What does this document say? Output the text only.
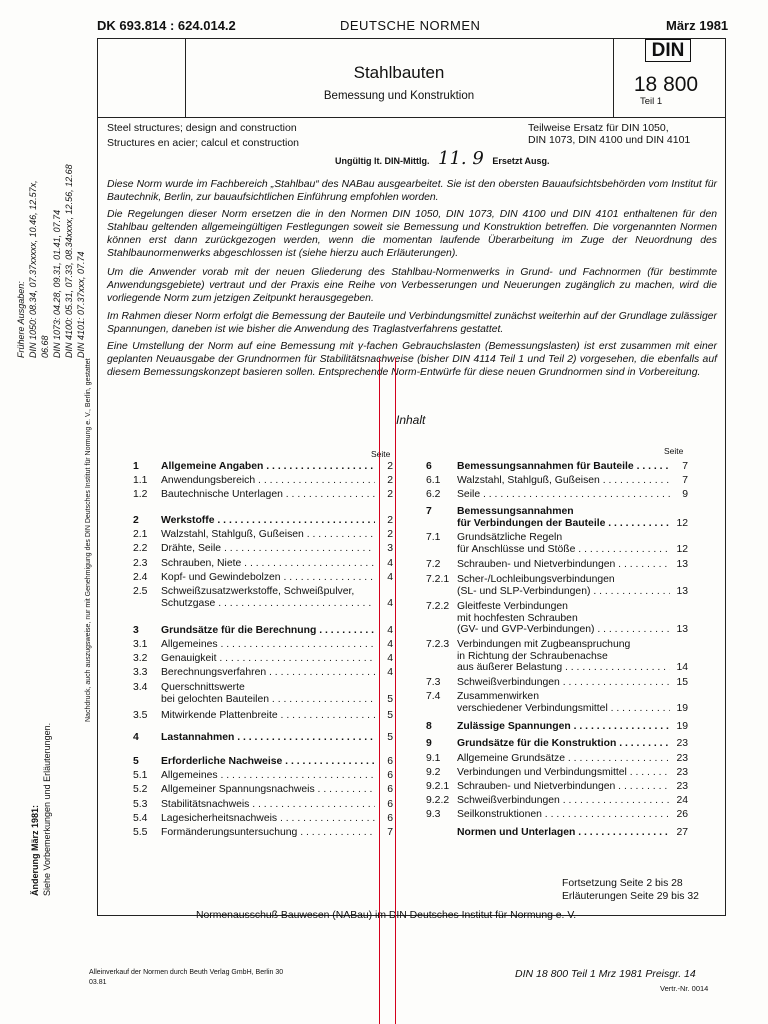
DK 693.814 : 624.014.2	DEUTSCHE NORMEN	März 1981
Stahlbauten
Bemessung und Konstruktion
DIN
18 800
Teil 1
Steel structures; design and construction
Structures en acier; calcul et construction
Teilweise Ersatz für DIN 1050,
DIN 1073, DIN 4100 und DIN 4101
Ungültig lt. DIN-Mittlg. 11. 9 Ersetzt Ausg.

Diese Norm wurde im Fachbereich „Stahlbau“ des NABau ausgearbeitet. Sie ist den obersten Bauaufsichtsbehörden vom Institut für Bautechnik, Berlin, zur bauaufsichtlichen Einführung empfohlen worden.

Die Regelungen dieser Norm ersetzen die in den Normen DIN 1050, DIN 1073, DIN 4100 und DIN 4101 enthaltenen für den Stahlbau geltenden allgemeingültigen Festlegungen soweit sie Bemessung und Konstruktion betreffen. Die vorgenannten Normen können erst dann zurückgezogen werden, wenn die momentan laufende Überarbeitung im Zuge der Neuordnung des Stahlbaunormenwerks abgeschlossen ist (siehe hierzu auch Erläuterungen).

Um die Anwender vorab mit der neuen Gliederung des Stahlbau-Normenwerks in Grund- und Fachnormen (für bestimmte Anwendungsgebiete) vertraut und der Praxis eine Reihe von Verbesserungen und Neuerungen zugänglich zu machen, wird die vorliegende Norm zum jetzigen Zeitpunkt herausgegeben.

Im Rahmen dieser Norm erfolgt die Bemessung der Bauteile und Verbindungsmittel zunächst weiterhin auf der Grundlage zulässiger Spannungen, daneben ist wie bisher die Anwendung des Traglastverfahrens gestattet.

Eine Umstellung der Norm auf eine Bemessung mit γ-fachen Gebrauchslasten (Bemessungslasten) ist erst zusammen mit einer geplanten Neuausgabe der Grundnormen für Stabilitätsnachweise (bisher DIN 4114 Teil 1 und Teil 2) vorgesehen, die ebenfalls auf diesem Bemessungskonzept basieren sollen. Entsprechende Norm-Entwürfe für diese neuen Grundnormen sind in Vorbereitung.

Inhalt
Seite	Seite
1	Allgemeine Angaben . . .	2
1.1	Anwendungsbereich . . .	2
1.2	Bautechnische Unterlagen . . .	2
2	Werkstoffe . . .	2
2.1	Walzstahl, Stahlguß, Gußeisen . . .	2
2.2	Drähte, Seile . . .	3
2.3	Schrauben, Niete . . .	4
2.4	Kopf- und Gewindebolzen . . .	4
2.5	Schweißzusatzwerkstoffe, Schweißpulver,
Schutzgase . . .	4
3	Grundsätze für die Berechnung . . .	4
3.1	Allgemeines . . .	4
3.2	Genauigkeit . . .	4
3.3	Berechnungsverfahren . . .	4
3.4	Querschnittswerte
bei gelochten Bauteilen . . .	5
3.5	Mitwirkende Plattenbreite . . .	5
4	Lastannahmen . . .	5
5	Erforderliche Nachweise . . .	6
5.1	Allgemeines . . .	6
5.2	Allgemeiner Spannungsnachweis . . .	6
5.3	Stabilitätsnachweis . . .	6
5.4	Lagesicherheitsnachweis . . .	6
5.5	Formänderungsuntersuchung . . .	7
6	Bemessungsannahmen für Bauteile . . .	7
6.1	Walzstahl, Stahlguß, Gußeisen . . .	7
6.2	Seile . . .	9
7	Bemessungsannahmen
für Verbindungen der Bauteile . . .	12
7.1	Grundsätzliche Regeln
für Anschlüsse und Stöße . . .	12
7.2	Schrauben- und Nietverbindungen . . .	13
7.2.1 Scher-/Lochleibungsverbindungen
(SL- und SLP-Verbindungen) . . .	13
7.2.2 Gleitfeste Verbindungen
mit hochfesten Schrauben
(GV- und GVP-Verbindungen) . . .	13
7.2.3 Verbindungen mit Zugbeanspruchung
in Richtung der Schraubenachse
aus äußerer Belastung . . .	14
7.3	Schweißverbindungen . . .	15
7.4	Zusammenwirken
verschiedener Verbindungsmittel . . .	19
8	Zulässige Spannungen . . .	19
9	Grundsätze für die Konstruktion . . .	23
9.1	Allgemeine Grundsätze . . .	23
9.2	Verbindungen und Verbindungsmittel . . .	23
9.2.1 Schrauben- und Nietverbindungen . . .	23
9.2.2 Schweißverbindungen . . .	24
9.3	Seilkonstruktionen . . .	26
Normen und Unterlagen . . .	27
Fortsetzung Seite 2 bis 28
Erläuterungen Seite 29 bis 32
Normenausschuß Bauwesen (NABau) im DIN Deutsches Institut für Normung e. V.
Alleinverkauf der Normen durch Beuth Verlag GmbH, Berlin 30
03.81
DIN 18 800 Teil 1 Mrz 1981 Preisgr. 14
Vertr.-Nr. 0014
Frühere Ausgaben: DIN 1050: 08.34, 07.37xxxxx, 10.46, 12.57x, 06.68 DIN 1073: 04.28, 09.31, 01.41, 07.74 DIN 4100: 05.31, 07.33, 08.34xxxx, 12.56, 12.68 DIN 4101: 07.37xxx, 07.74
Nachdruck, auch auszugsweise, nur mit Genehmigung des DIN Deutsches Institut für Normung e. V., Berlin, gestattet
Änderung März 1981: Siehe Vorbemerkungen und Erläuterungen.
